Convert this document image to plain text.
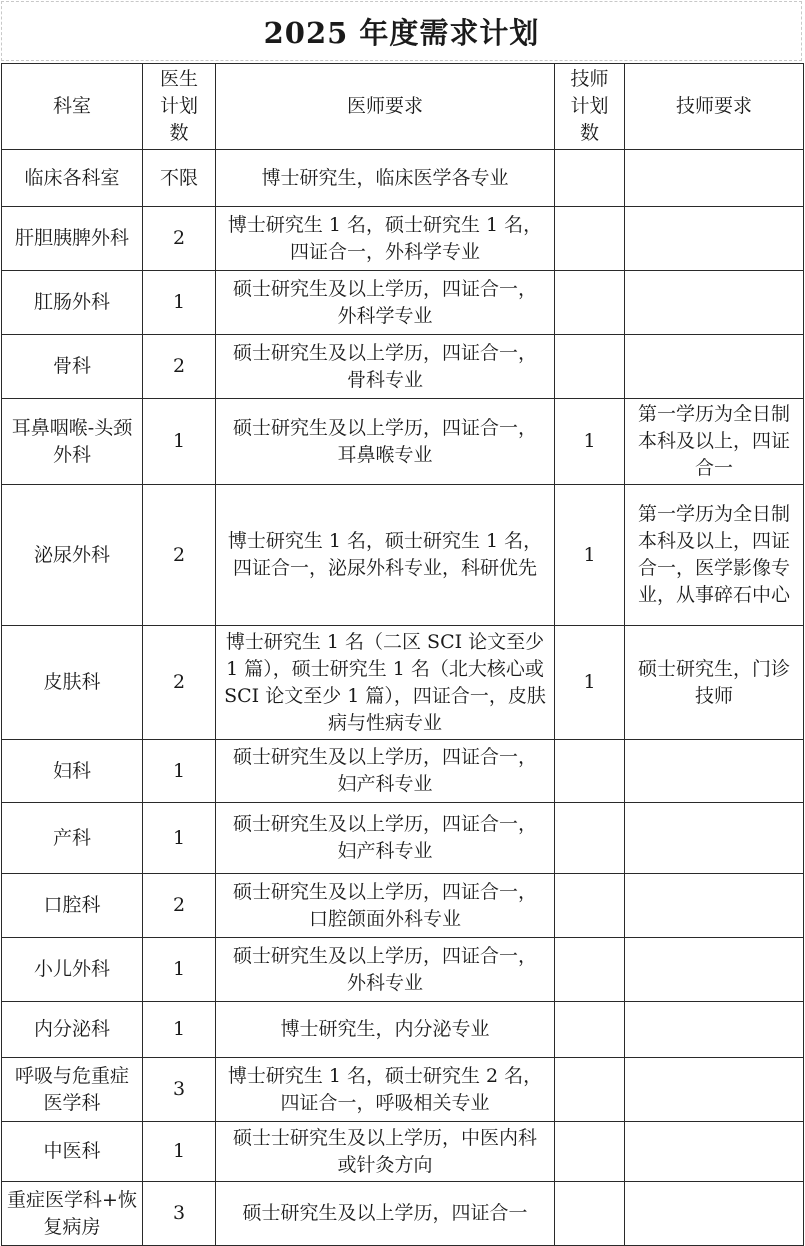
2025 年度需求计划
科室	医生计划数	医师要求	技师计划数	技师要求
临床各科室	不限	博士研究生，临床医学各专业		
肝胆胰脾外科	2	博士研究生 1 名，硕士研究生 1 名，四证合一，外科学专业		
肛肠外科	1	硕士研究生及以上学历，四证合一，外科学专业		
骨科	2	硕士研究生及以上学历，四证合一，骨科专业		
耳鼻咽喉-头颈外科	1	硕士研究生及以上学历，四证合一，耳鼻喉专业	1	第一学历为全日制本科及以上，四证合一
泌尿外科	2	博士研究生 1 名，硕士研究生 1 名，四证合一，泌尿外科专业，科研优先	1	第一学历为全日制本科及以上，四证合一，医学影像专业，从事碎石中心
皮肤科	2	博士研究生 1 名（二区 SCI 论文至少 1 篇），硕士研究生 1 名（北大核心或 SCI 论文至少 1 篇），四证合一，皮肤病与性病专业	1	硕士研究生，门诊技师
妇科	1	硕士研究生及以上学历，四证合一，妇产科专业		
产科	1	硕士研究生及以上学历，四证合一，妇产科专业		
口腔科	2	硕士研究生及以上学历，四证合一，口腔颌面外科专业		
小儿外科	1	硕士研究生及以上学历，四证合一，外科专业		
内分泌科	1	博士研究生，内分泌专业		
呼吸与危重症医学科	3	博士研究生 1 名，硕士研究生 2 名，四证合一，呼吸相关专业		
中医科	1	硕士士研究生及以上学历，中医内科或针灸方向		
重症医学科+恢复病房	3	硕士研究生及以上学历，四证合一		
